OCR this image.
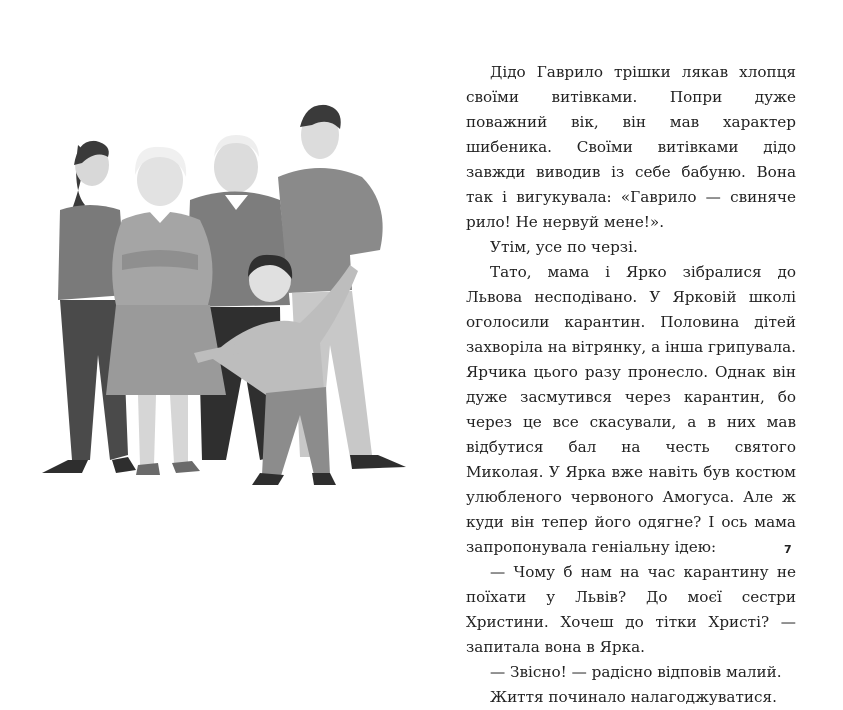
Дідо Гаврило трішки лякав хлопця своїми витівками. Попри дуже поважний вік, він мав характер шибеника. Своїми витівками дідо завжди виводив із себе бабуню. Вона так і вигукувала: «Гаврило — свиняче рило! Не нервуй мене!».

Утім, усе по черзі.

Тато, мама і Ярко зібралися до Львова несподівано. У Ярковій школі оголосили карантин. Половина дітей захворіла на вітрянку, а інша грипувала. Ярчика цього разу пронесло. Однак він дуже засмутився через карантин, бо через це все скасували, а в них мав відбутися бал на честь святого Миколая. У Ярка вже навіть був костюм улюбленого червоного Амогуса. Але ж куди він тепер його одягне? І ось мама запропонувала геніальну ідею:

— Чому б нам на час карантину не поїхати у Львів? До моєї сестри Христини. Хочеш до тітки Христі? — запитала вона в Ярка.

— Звісно! — радісно відповів малий.

Життя починало налагоджуватися.

7
